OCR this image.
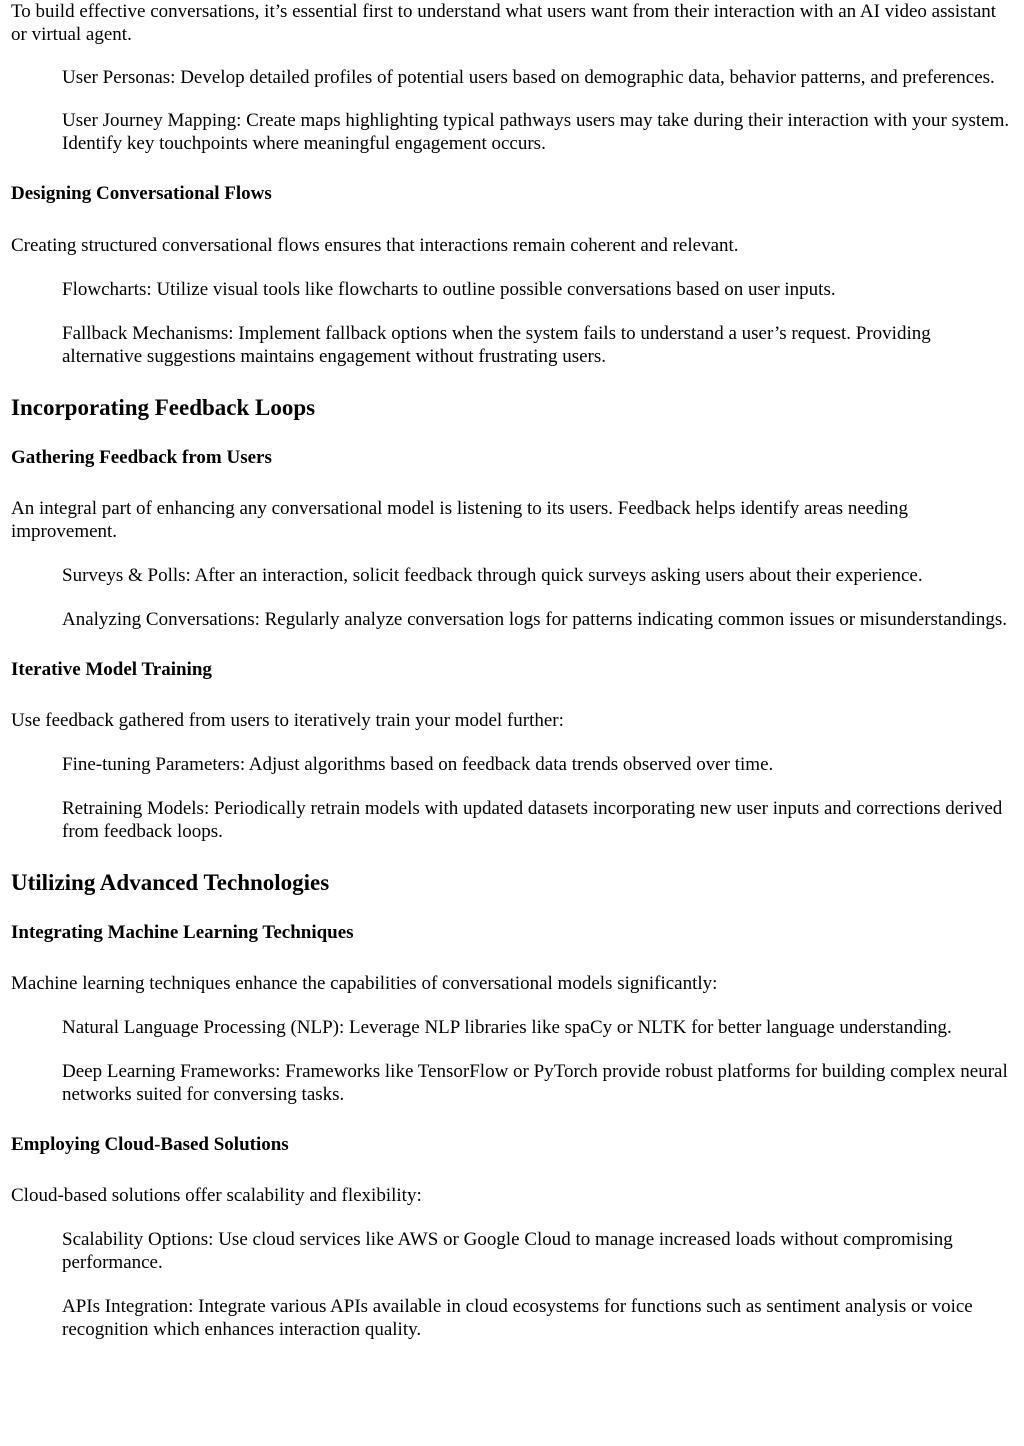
To build effective conversations, it’s essential first to understand what users want from their interaction with an AI video assistant or virtual agent.

User Personas: Develop detailed profiles of potential users based on demographic data, behavior patterns, and preferences.
User Journey Mapping: Create maps highlighting typical pathways users may take during their interaction with your system. Identify key touchpoints where meaningful engagement occurs.
Designing Conversational Flows

Creating structured conversational flows ensures that interactions remain coherent and relevant.

Flowcharts: Utilize visual tools like flowcharts to outline possible conversations based on user inputs.
Fallback Mechanisms: Implement fallback options when the system fails to understand a user’s request. Providing alternative suggestions maintains engagement without frustrating users.
Incorporating Feedback Loops
Gathering Feedback from Users

An integral part of enhancing any conversational model is listening to its users. Feedback helps identify areas needing improvement.

Surveys & Polls: After an interaction, solicit feedback through quick surveys asking users about their experience.
Analyzing Conversations: Regularly analyze conversation logs for patterns indicating common issues or misunderstandings.
Iterative Model Training

Use feedback gathered from users to iteratively train your model further:

Fine-tuning Parameters: Adjust algorithms based on feedback data trends observed over time.
Retraining Models: Periodically retrain models with updated datasets incorporating new user inputs and corrections derived from feedback loops.
Utilizing Advanced Technologies
Integrating Machine Learning Techniques

Machine learning techniques enhance the capabilities of conversational models significantly:

Natural Language Processing (NLP): Leverage NLP libraries like spaCy or NLTK for better language understanding.
Deep Learning Frameworks: Frameworks like TensorFlow or PyTorch provide robust platforms for building complex neural networks suited for conversing tasks.
Employing Cloud-Based Solutions

Cloud-based solutions offer scalability and flexibility:

Scalability Options: Use cloud services like AWS or Google Cloud to manage increased loads without compromising performance.
APIs Integration: Integrate various APIs available in cloud ecosystems for functions such as sentiment analysis or voice recognition which enhances interaction quality.
